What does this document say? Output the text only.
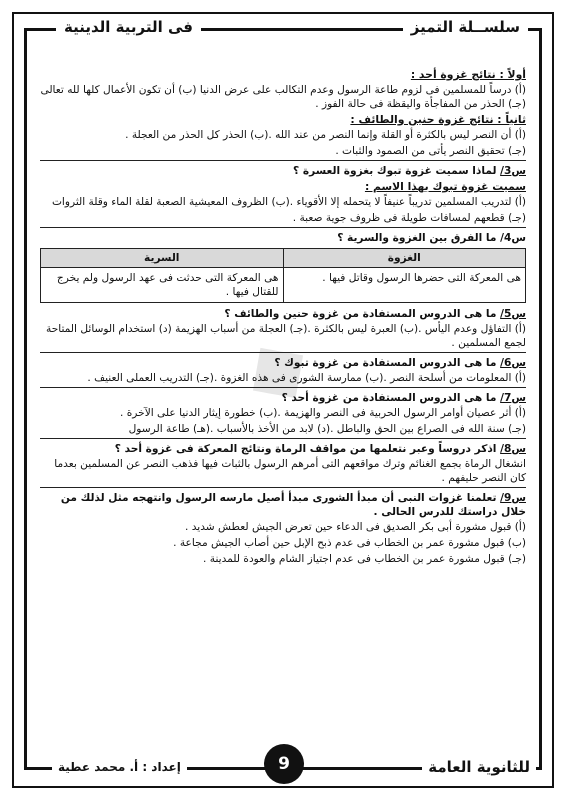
سلســلة التميز
فى التربية الدينية
◆
أولاً : نتائج غزوة أحد :
(أ) درساً للمسلمين فى لزوم طاعة الرسول وعدم التكالب على عرض الدنيا (ب) أن تكون الأعمال كلها لله تعالى (جـ) الحذر من المفاجأة واليقظة فى حالة الفوز .
ثانياً : نتائج غزوة حنين والطائف :
(أ) أن النصر ليس بالكثرة أو القلة وإنما النصر من عند الله .(ب) الحذر كل الحذر من العجلة .
(جـ) تحقيق النصر يأتى من الصمود والثبات .
س3/ لماذا سميت غزوة تبوك بغزوة العسرة ؟
سميت غزوة تبوك بهذا الاسم :
(أ) لتدريب المسلمين تدريباً عنيفاً لا يتحمله إلا الأقوياء .(ب) الظروف المعيشية الصعبة لقلة الماء وقلة الثروات
(جـ) قطعهم لمسافات طويلة فى ظروف جوية صعبة .
س4/ ما الفرق بين الغزوة والسرية ؟
الغزوة	السرية
هى المعركة التى حضرها الرسول وقاتل فيها .	هى المعركة التى حدثت فى عهد الرسول ولم يخرج للقتال فيها .
س5/ ما هى الدروس المستفادة من غزوة حنين والطائف ؟
(أ) التفاؤل وعدم اليأس .(ب) العبرة ليس بالكثرة .(جـ) العجلة من أسباب الهزيمة (د) استخدام الوسائل المتاحة لجمع المسلمين .
س6/ ما هى الدروس المستفادة من غزوة تبوك ؟
(أ) المعلومات من أسلحة النصر .(ب) ممارسة الشورى فى هذه الغزوة .(جـ) التدريب العملى العنيف .
س7/ ما هى الدروس المستفادة من غزوة أحد ؟
(أ) أثر عصيان أوامر الرسول الحربية فى النصر والهزيمة .(ب) خطورة إيثار الدنيا على الآخرة .
(جـ) سنة الله فى الصراع بين الحق والباطل .(د) لابد من الأخذ بالأسباب .(هـ) طاعة الرسول
س8/ اذكر دروساً وعبر نتعلمها من مواقف الرماة ونتائج المعركة فى غزوة أحد ؟
انشغال الرماة بجمع الغنائم وترك مواقعهم التى أمرهم الرسول بالثبات فيها فذهب النصر عن المسلمين بعدما كان النصر حليفهم .
س9/ تعلمنا غزوات النبى أن مبدأ الشورى مبدأ أصيل مارسه الرسول وانتهجه مثل لذلك من خلال دراستك للدرس الحالى .
(أ) قبول مشورة أبى بكر الصديق فى الدعاء حين تعرض الجيش لعطش شديد .
(ب) قبول مشورة عمر بن الخطاب فى عدم ذبح الإبل حين أصاب الجيش مجاعة .
(جـ) قبول مشورة عمر بن الخطاب فى عدم اجتياز الشام والعودة للمدينة .
للثانوية العامة
إعداد : أ. محمد عطية	9
